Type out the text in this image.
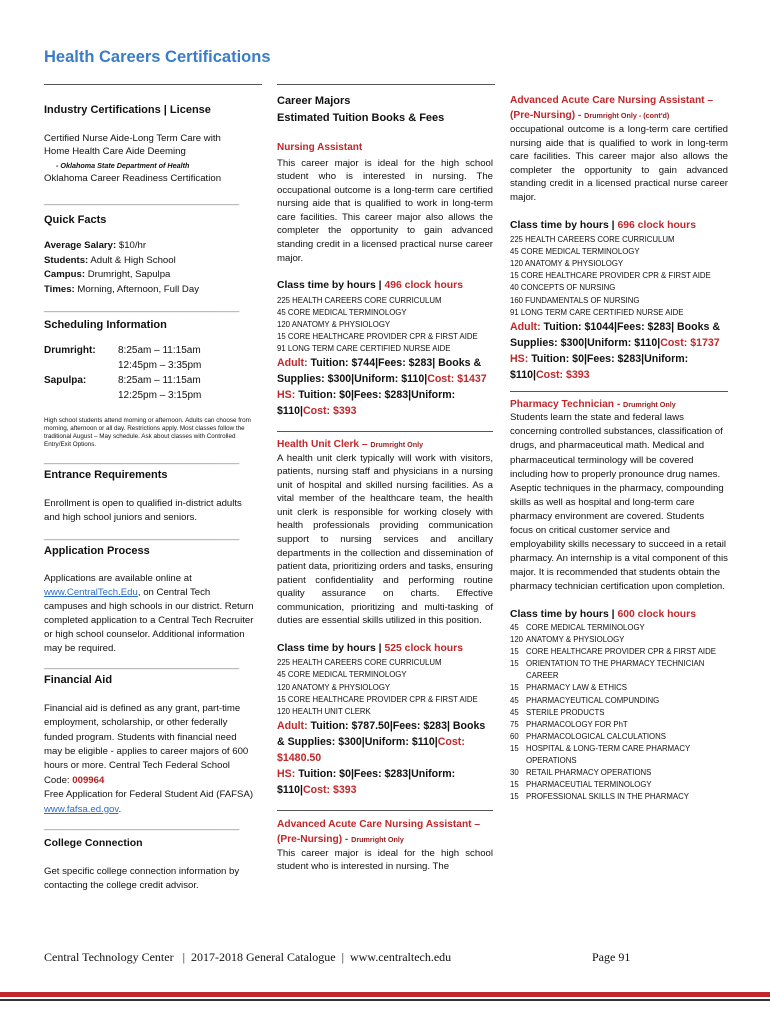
Health Careers Certifications

Industry Certifications | License

Certified Nurse Aide-Long Term Care with

Home Health Care Aide Deeming

- Oklahoma State Department of Health

Oklahoma Career Readiness Certification

_______________________________________

Quick Facts

Average Salary: $10/hr

Students: Adult & High School

Campus: Drumright, Sapulpa

Times: Morning, Afternoon, Full Day

_______________________________________

Scheduling Information

Drumright:	8:25am – 11:15am
	12:45pm – 3:35pm
Sapulpa:	8:25am – 11:15am
	12:25pm – 3:15pm

High school students attend morning or afternoon. Adults can choose from morning, afternoon or all day. Restrictions apply. Most classes follow the traditional August – May schedule. Ask about classes with Controlled Entry/Exit Options.

_______________________________________

Entrance Requirements

Enrollment is open to qualified in-district adults and high school juniors and seniors.

_______________________________________

Application Process

Applications are available online at www.CentralTech.Edu, on Central Tech campuses and high schools in our district. Return completed application to a Central Tech Recruiter or high school counselor. Additional information may be required.

_______________________________________

Financial Aid

Financial aid is defined as any grant, part-time employment, scholarship, or other federally funded program. Students with financial need may be eligible - applies to career majors of 600 hours or more. Central Tech Federal School Code: 009964
Free Application for Federal Student Aid (FAFSA) www.fafsa.ed.gov.

_______________________________________

College Connection

Get specific college connection information by contacting the college credit advisor.

Career Majors

Estimated Tuition Books & Fees

Nursing Assistant

This career major is ideal for the high school student who is interested in nursing. The occupational outcome is a long-term care certified nursing aide that is qualified to work in long-term care facilities. This career major also allows the completer the opportunity to gain advanced standing credit in a licensed practical nurse career major.

Class time by hours | 496 clock hours

225 HEALTH CAREERS CORE CURRICULUM
45 CORE MEDICAL TERMINOLOGY
120 ANATOMY & PHYSIOLOGY
15 CORE HEALTHCARE PROVIDER CPR & FIRST AIDE
91 LONG TERM CARE CERTIFIED NURSE AIDE

Adult: Tuition: $744|Fees: $283| Books & Supplies: $300|Uniform: $110|Cost: $1437

HS: Tuition: $0|Fees: $283|Uniform: $110|Cost: $393

Health Unit Clerk – Drumright Only

A health unit clerk typically will work with visitors, patients, nursing staff and physicians in a nursing unit of hospital and skilled nursing facilities. As a vital member of the healthcare team, the health unit clerk is responsible for working closely with health professionals providing communication support to nursing services and ancillary departments in the collection and dissemination of patient data, prioritizing orders and tasks, ensuring patient confidentiality and performing routine quality assurance on charts. Effective communication, prioritizing and multi-tasking of duties are essential skills utilized in this position.

Class time by hours | 525 clock hours

225 HEALTH CAREERS CORE CURRICULUM
45 CORE MEDICAL TERMINOLOGY
120 ANATOMY & PHYSIOLOGY
15 CORE HEALTHCARE PROVIDER CPR & FIRST AIDE
120 HEALTH UNIT CLERK

Adult: Tuition: $787.50|Fees: $283| Books & Supplies: $300|Uniform: $110|Cost: $1480.50

HS: Tuition: $0|Fees: $283|Uniform: $110|Cost: $393

Advanced Acute Care Nursing Assistant – (Pre-Nursing) - Drumright Only

This career major is ideal for the high school student who is interested in nursing. The

Advanced Acute Care Nursing Assistant – (Pre-Nursing) - Drumright Only - (cont'd)

occupational outcome is a long-term care certified nursing aide that is qualified to work in long-term care facilities. This career major also allows the completer the opportunity to gain advanced standing credit in a licensed practical nurse career major.

Class time by hours | 696 clock hours

225 HEALTH CAREERS CORE CURRICULUM
45 CORE MEDICAL TERMINOLOGY
120 ANATOMY & PHYSIOLOGY
15 CORE HEALTHCARE PROVIDER CPR & FIRST AIDE
40 CONCEPTS OF NURSING
160 FUNDAMENTALS OF NURSING
91 LONG TERM CARE CERTIFIED NURSE AIDE

Adult: Tuition: $1044|Fees: $283| Books & Supplies: $300|Uniform: $110|Cost: $1737

HS: Tuition: $0|Fees: $283|Uniform: $110|Cost: $393

Pharmacy Technician - Drumright Only

Students learn the state and federal laws concerning controlled substances, classification of drugs, and pharmaceutical math. Medical and pharmaceutical terminology will be covered including how to properly pronounce drug names. Aseptic techniques in the pharmacy, compounding skills as well as hospital and long-term care pharmacy environment are covered. Students focus on critical customer service and employability skills necessary to succeed in a retail pharmacy. An internship is a vital component of this major. It is recommended that students obtain the pharmacy technician certification upon completion.

Class time by hours | 600 clock hours

45 CORE MEDICAL TERMINOLOGY
120 ANATOMY & PHYSIOLOGY
15 CORE HEALTHCARE PROVIDER CPR & FIRST AIDE
15 ORIENTATION TO THE PHARMACY TECHNICIAN CAREER
15 PHARMACY LAW & ETHICS
45 PHARMACYEUTICAL COMPUNDING
45 STERILE PRODUCTS
75 PHARMACOLOGY FOR PhT
60 PHARMACOLOGICAL CALCULATIONS
15 HOSPITAL & LONG-TERM CARE PHARMACY OPERATIONS
30 RETAIL PHARMACY OPERATIONS
15 PHARMACEUTIAL TERMINOLOGY
15 PROFESSIONAL SKILLS IN THE PHARMACY
Central Technology Center   |  2017-2018 General Catalogue  |  www.centraltech.edu	Page 91
